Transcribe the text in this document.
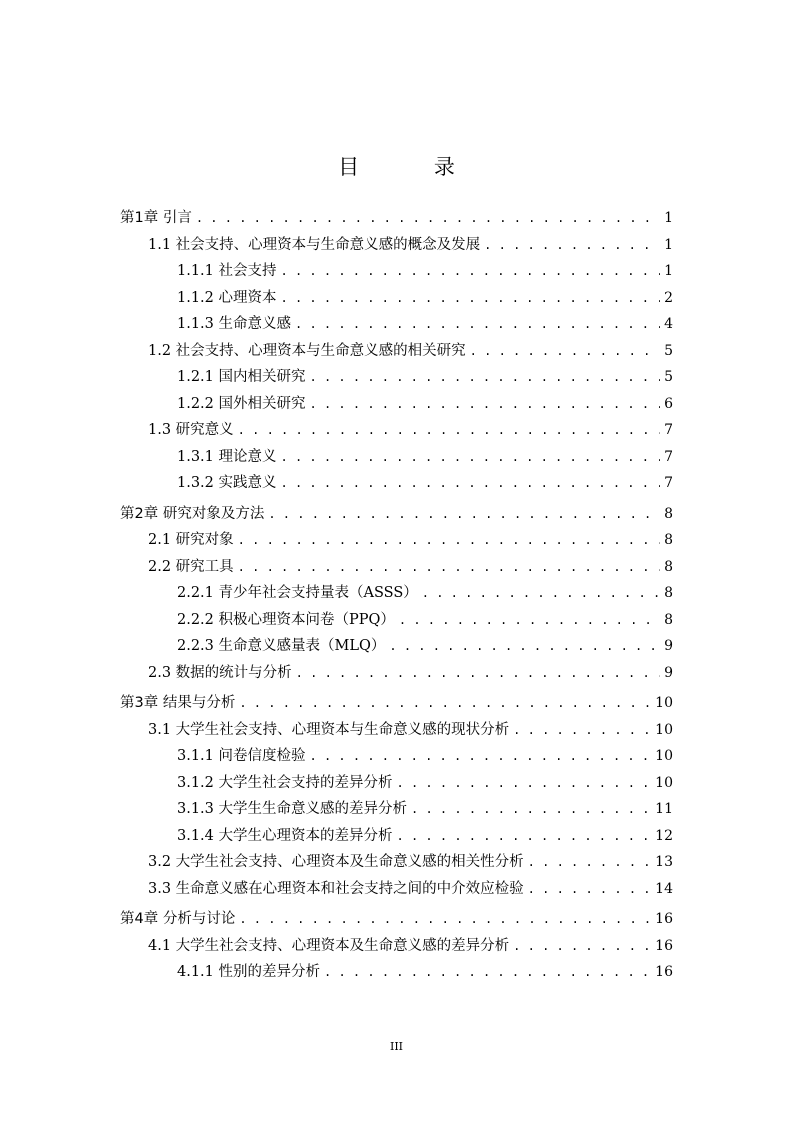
目 录
第1章 引言 . . .	1
1.1 社会支持、心理资本与生命意义感的概念及发展 . . .	1
1.1.1 社会支持 . . .	1
1.1.2 心理资本 . . .	2
1.1.3 生命意义感 . . .	4
1.2 社会支持、心理资本与生命意义感的相关研究 . . .	5
1.2.1 国内相关研究 . . .	5
1.2.2 国外相关研究 . . .	6
1.3 研究意义 . . .	7
1.3.1 理论意义 . . .	7
1.3.2 实践意义 . . .	7
第2章 研究对象及方法 . . .	8
2.1 研究对象 . . .	8
2.2 研究工具 . . .	8
2.2.1 青少年社会支持量表（ASSS） . . .	8
2.2.2 积极心理资本问卷（PPQ） . . .	8
2.2.3 生命意义感量表（MLQ） . . .	9
2.3 数据的统计与分析 . . .	9
第3章 结果与分析 . . .	10
3.1 大学生社会支持、心理资本与生命意义感的现状分析 . . .	10
3.1.1 问卷信度检验 . . .	10
3.1.2 大学生社会支持的差异分析 . . .	10
3.1.3 大学生生命意义感的差异分析 . . .	11
3.1.4 大学生心理资本的差异分析 . . .	12
3.2 大学生社会支持、心理资本及生命意义感的相关性分析 . . .	13
3.3 生命意义感在心理资本和社会支持之间的中介效应检验 . . .	14
第4章 分析与讨论 . . .	16
4.1 大学生社会支持、心理资本及生命意义感的差异分析 . . .	16
4.1.1 性别的差异分析 . . .	16
III
